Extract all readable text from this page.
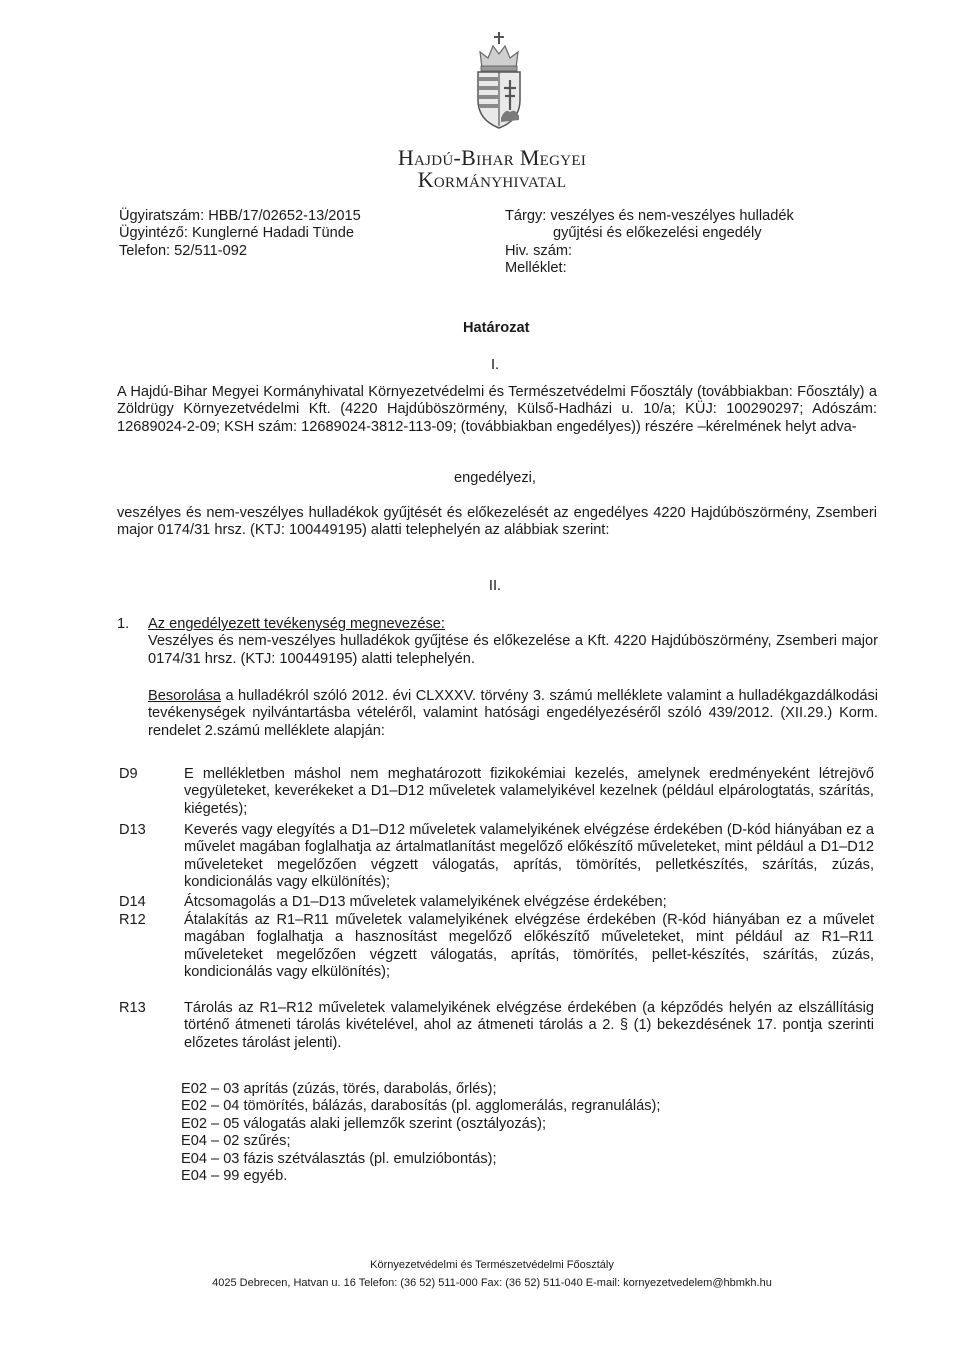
Hajdú-Bihar Megyei
Kormányhivatal
Ügyiratszám: HBB/17/02652-13/2015
Ügyintéző: Kunglerné Hadadi Tünde
Telefon: 52/511-092
Tárgy: veszélyes és nem-veszélyes hulladék
gyűjtési és előkezelési engedély
Hiv. szám:
Melléklet:
Határozat
I.

A Hajdú-Bihar Megyei Kormányhivatal Környezetvédelmi és Természetvédelmi Főosztály (továbbiakban: Főosztály) a Zöldrügy Környezetvédelmi Kft. (4220 Hajdúböszörmény, Külső-Hadházi u. 10/a; KÜJ: 100290297; Adószám: 12689024-2-09; KSH szám: 12689024-3812-113-09; (továbbiakban engedélyes)) részére –kérelmének helyt adva-

engedélyezi,

veszélyes és nem-veszélyes hulladékok gyűjtését és előkezelését az engedélyes 4220 Hajdúböszörmény, Zsemberi major 0174/31 hrsz. (KTJ: 100449195) alatti telephelyén az alábbiak szerint:

II.
1. Az engedélyezett tevékenység megnevezése:

Veszélyes és nem-veszélyes hulladékok gyűjtése és előkezelése a Kft. 4220 Hajdúböszörmény, Zsemberi major 0174/31 hrsz. (KTJ: 100449195) alatti telephelyén.

Besorolása a hulladékról szóló 2012. évi CLXXXV. törvény 3. számú melléklete valamint a hulladékgazdálkodási tevékenységek nyilvántartásba vételéről, valamint hatósági engedélyezéséről szóló 439/2012. (XII.29.) Korm. rendelet 2.számú melléklete alapján:

D9	E mellékletben máshol nem meghatározott fizikokémiai kezelés, amelynek eredményeként létrejövő vegyületeket, keverékeket a D1–D12 műveletek valamelyikével kezelnek (például elpárologtatás, szárítás, kiégetés);

D13	Keverés vagy elegyítés a D1–D12 műveletek valamelyikének elvégzése érdekében (D-kód hiányában ez a művelet magában foglalhatja az ártalmatlanítást megelőző előkészítő műveleteket, mint például a D1–D12 műveleteket megelőzően végzett válogatás, aprítás, tömörítés, pelletkészítés, szárítás, zúzás, kondicionálás vagy elkülönítés);

D14	Átcsomagolás a D1–D13 műveletek valamelyikének elvégzése érdekében;

R12	Átalakítás az R1–R11 műveletek valamelyikének elvégzése érdekében (R-kód hiányában ez a művelet magában foglalhatja a hasznosítást megelőző előkészítő műveleteket, mint például az R1–R11 műveleteket megelőzően végzett válogatás, aprítás, tömörítés, pellet-készítés, szárítás, zúzás, kondicionálás vagy elkülönítés);

R13	Tárolás az R1–R12 műveletek valamelyikének elvégzése érdekében (a képződés helyén az elszállításig történő átmeneti tárolás kivételével, ahol az átmeneti tárolás a 2. § (1) bekezdésének 17. pontja szerinti előzetes tárolást jelenti).

E02 – 03 aprítás (zúzás, törés, darabolás, őrlés);
E02 – 04 tömörítés, bálázás, darabosítás (pl. agglomerálás, regranulálás);
E02 – 05 válogatás alaki jellemzők szerint (osztályozás);
E04 – 02 szűrés;
E04 – 03 fázis szétválasztás (pl. emulzióbontás);
E04 – 99 egyéb.
Környezetvédelmi és Természetvédelmi Főosztály
4025 Debrecen, Hatvan u. 16 Telefon: (36 52) 511-000 Fax: (36 52) 511-040 E-mail: kornyezetvedelem@hbmkh.hu
